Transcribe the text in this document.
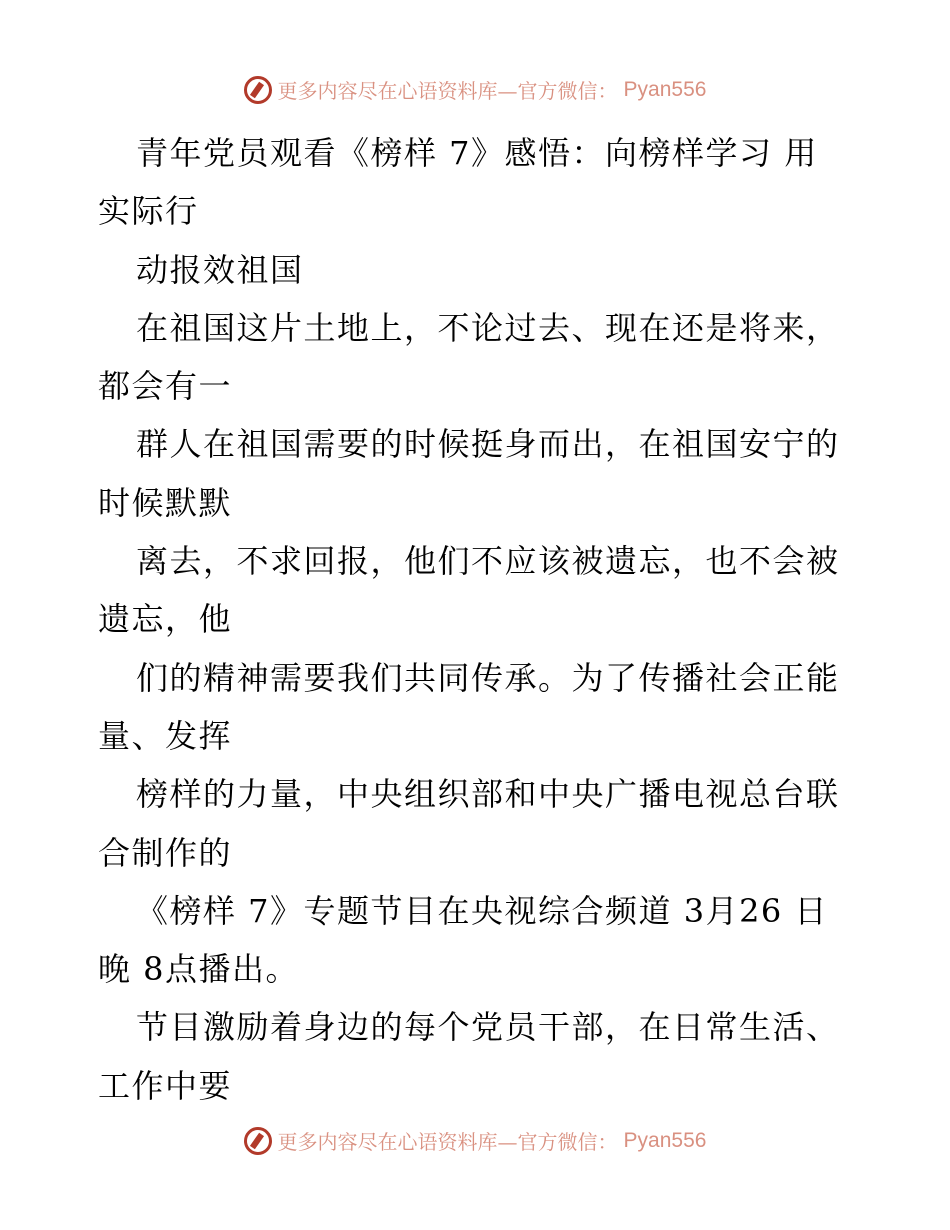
更多内容尽在心语资料库—官方微信： Pyan556
青年党员观看《榜样 7》感悟：向榜样学习 用
实际行
动报效祖国
在祖国这片土地上，不论过去、现在还是将来，
都会有一
群人在祖国需要的时候挺身而出，在祖国安宁的
时候默默
离去，不求回报，他们不应该被遗忘，也不会被
遗忘，他
们的精神需要我们共同传承。为了传播社会正能
量、发挥
榜样的力量，中央组织部和中央广播电视总台联
合制作的
《榜样 7》专题节目在央视综合频道 3月26 日
晚 8点播出。
节目激励着身边的每个党员干部，在日常生活、
工作中要
更多内容尽在心语资料库—官方微信： Pyan556
